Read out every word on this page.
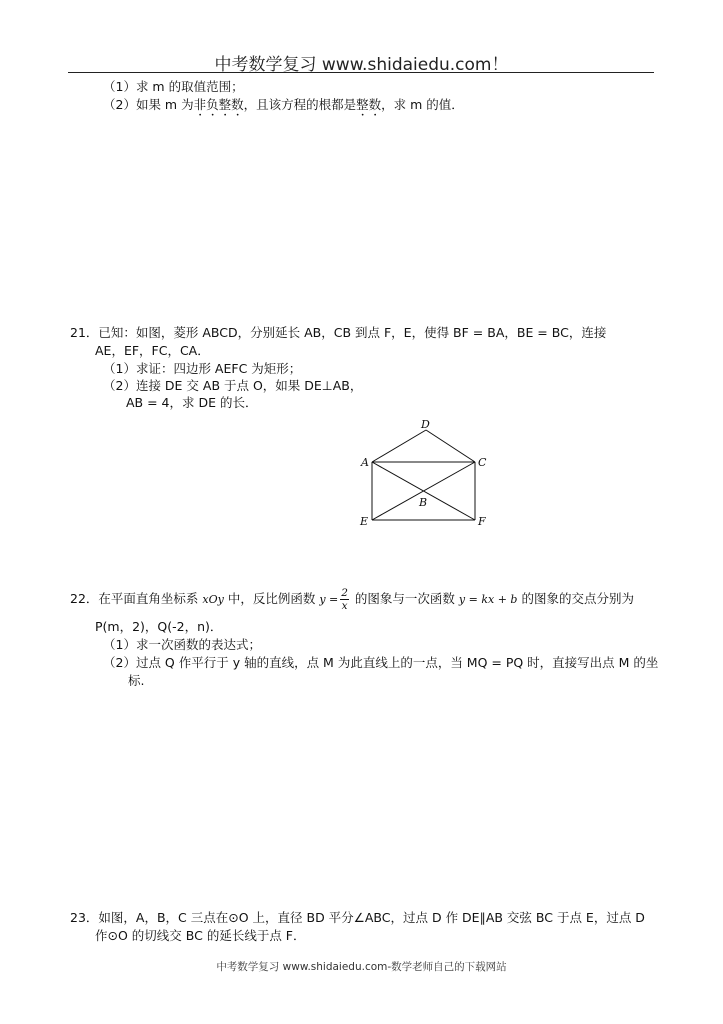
中考数学复习 www.shidaiedu.com！
（1）求 m 的取值范围；
（2）如果 m 为非负整数，且该方程的根都是整数，求 m 的值．
21．已知：如图，菱形 ABCD，分别延长 AB，CB 到点 F，E，使得 BF = BA，BE = BC，连接
AE，EF，FC，CA．
（1）求证：四边形 AEFC 为矩形；
（2）连接 DE 交 AB 于点 O，如果 DE⊥AB，
AB = 4，求 DE 的长．
D
A	C
B
E	F
22．在平面直角坐标系 xOy 中，反比例函数 $y = \frac{2}{x}$ 的图象与一次函数 y = kx + b 的图象的交点分别为
P(m，2)，Q(-2，n)．
（1）求一次函数的表达式；
（2）过点 Q 作平行于 y 轴的直线，点 M 为此直线上的一点，当 MQ = PQ 时，直接写出点 M 的坐
标.
23．如图，A，B，C 三点在⊙O 上，直径 BD 平分∠ABC，过点 D 作 DE∥AB 交弦 BC 于点 E，过点 D
作⊙O 的切线交 BC 的延长线于点 F．
中考数学复习 www.shidaiedu.com-数学老师自己的下载网站
